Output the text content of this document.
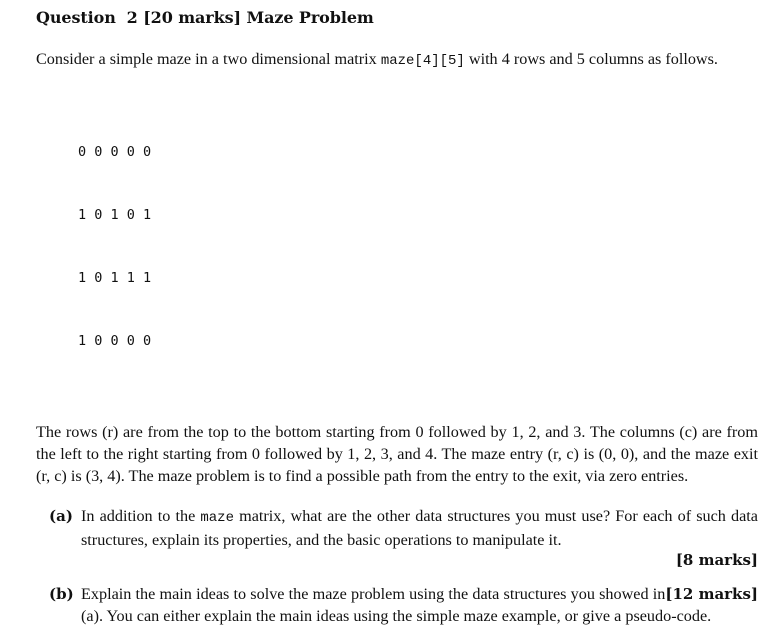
Question  2 [20 marks] Maze Problem

Consider a simple maze in a two dimensional matrix maze[4][5] with 4 rows and 5 columns as follows.

0 0 0 0 0

1 0 1 0 1

1 0 1 1 1

1 0 0 0 0

The rows (r) are from the top to the bottom starting from 0 followed by 1, 2, and 3. The columns (c) are from the left to the right starting from 0 followed by 1, 2, 3, and 4. The maze entry (r, c) is (0, 0), and the maze exit (r, c) is (3, 4). The maze problem is to find a possible path from the entry to the exit, via zero entries.

(a) In addition to the maze matrix, what are the other data structures you must use? For each of such data structures, explain its properties, and the basic operations to manipulate it.

[8 marks]
(b)	[12 marks]
Explain the main ideas to solve the maze problem using the data structures you showed in (a). You can either explain the main ideas using the simple maze example, or give a pseudo-code.
